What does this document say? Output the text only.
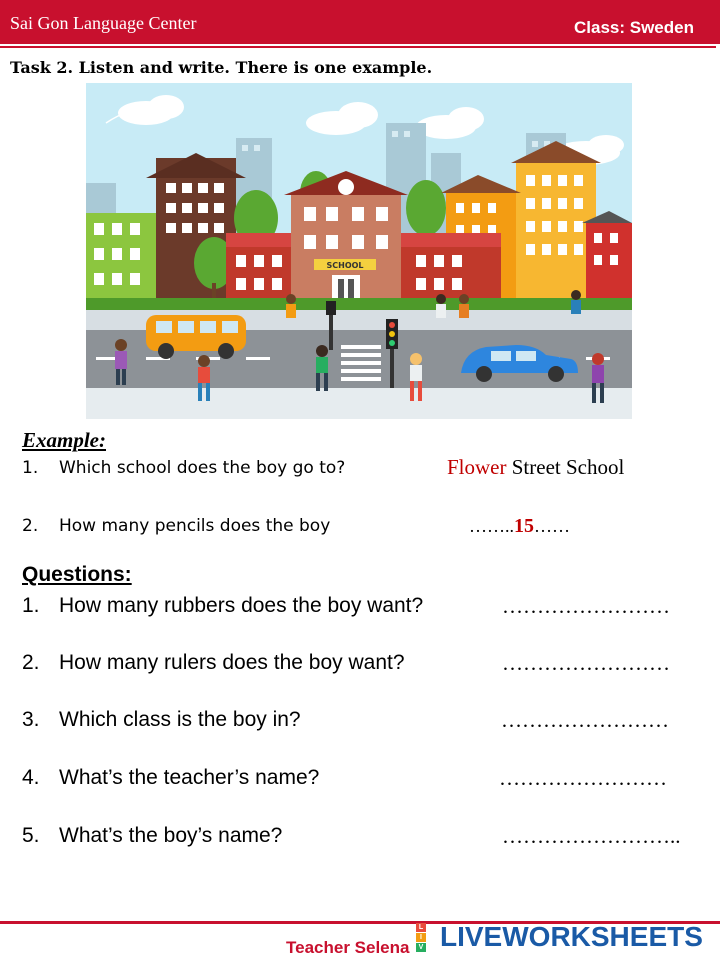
Sai Gon Language Center	Class: Sweden
Task 2. Listen and write. There is one example.
SCHOOL
Example:
1. Which school does the boy go to?	Flower Street School
2. How many pencils does the boy	……..15……
Questions:
1. How many rubbers does the boy want?	……………………
2. How many rulers does the boy want?	……………………
3. Which class is the boy in?	……………………
4. What’s the teacher’s name?	……………………
5. What’s the boy’s name?	……………………..
Teacher Selena
L
I
V LIVEWORKSHEETS
